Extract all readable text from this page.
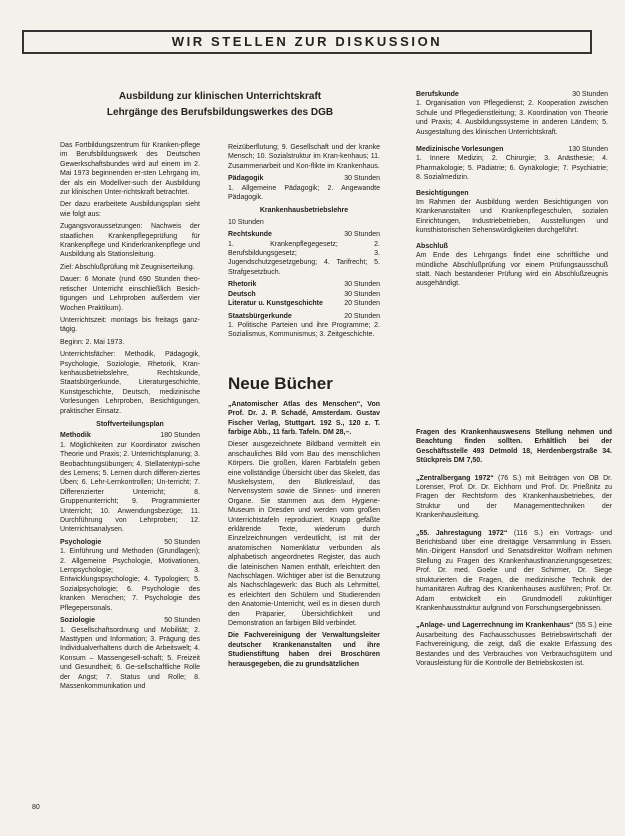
WIR STELLEN ZUR DISKUSSION

Ausbildung zur klinischen Unterrichtskraft

Lehrgänge des Berufsbildungswerkes des DGB

Das Fortbildungszentrum für Kranken-pflege im Berufsbildungswerk des Deutschen Gewerkschaftsbundes wird auf einem im 2. Mai 1973 beginnenden er-sten Lehrgang im, der als ein Modellver-such der Ausbildung zur klinischen Unter-richtskraft betrachtet.

Der dazu erarbeitete Ausbildungsplan sieht wie folgt aus:

Zugangsvoraussetzungen: Nachweis der staatlichen Krankenpflegeprüfung für Krankenpflege und Kinderkrankenpflege und Ausbildung als Stationsleitung.

Ziel: Abschlußprüfung mit Zeugniserteilung.

Dauer: 6 Monate (rund 690 Stunden theo-retischer Unterricht einschließlich Besich-tigungen und Lehrproben außerdem vier Wochen Praktikum).

Unterrichtszeit: montags bis freitags ganz-tägig.

Beginn: 2. Mai 1973.

Unterrichtsfächer: Methodik, Pädagogik, Psychologie, Soziologie, Rhetorik, Kran-kenhausbetriebslehre, Rechtskunde, Staatsbürgerkunde, Literaturgeschichte, Kunstgeschichte, Deutsch, medizinische Vorlesungen Lehrproben, Besichtigungen, praktischer Einsatz.

Stoffverteilungsplan
Methodik	180 Stunden

1. Möglichkeiten zur Koordinator zwischen Theorie und Praxis; 2. Unterrichtsplanung; 3. Beobachtungsübungen; 4. Stellatentypi-sche des Lernens; 5. Lernen durch differen-ziertes Üben; 6. Lehr-Lernkontrollen; Un-terricht; 7. Differenzierter Unterricht; 8. Gruppenunterricht; 9. Programmierter Unterricht; 10. Anwendungsbezüge; 11. Durchführung von Lehrproben; 12. Unterrichtsanalysen.

Psychologie	50 Stunden

1. Einführung und Methoden (Grundlagen); 2. Allgemeine Psychologie, Motivationen, Lernpsychologie; 3. Entwicklungspsychologie; 4. Typologien; 5. Sozialpsychologie; 6. Psychologie des kranken Menschen; 7. Psychologie des Pflegepersonals.

Soziologie	50 Stunden

1. Gesellschaftsordnung und Mobilität; 2. Masttypen und Information; 3. Prägung des Individualverhaltens durch die Arbeitswelt; 4. Konsum – Massengesell-schaft; 5. Freizeit und Gesundheit; 6. Ge-sellschaftliche Rolle der Angst; 7. Status und Rolle; 8. Massenkommunikation und

Reizüberflutung; 9. Gesellschaft und der kranke Mensch; 10. Sozialstruktur im Kran-kenhaus; 11. Zusammenarbeit und Kon-flikte im Krankenhaus.

Pädagogik	30 Stunden

1. Allgemeine Pädagogik; 2. Angewandte Pädagogik.

Krankenhausbetriebslehre

10 Stunden

Rechtskunde	30 Stunden

1. Krankenpflegegesetz; 2. Berufsbildungsgesetz; 3. Jugendschutzgesetzgebung; 4. Tarifrecht; 5. Strafgesetzbuch.

Rhetorik	30 Stunden
Deutsch	30 Stunden
Literatur u. Kunstgeschichte	20 Stunden
Staatsbürgerkunde	20 Stunden

1. Politische Parteien und ihre Programme; 2. Sozialismus, Kommunismus; 3. Zeitgeschichte.

Neue Bücher

„Anatomischer Atlas des Menschen“, Von Prof. Dr. J. P. Schadé, Amsterdam. Gustav Fischer Verlag, Stuttgart. 192 S., 120 z. T. farbige Abb., 11 farb. Tafeln. DM 28,–.

Dieser ausgezeichnete Bildband vermittelt ein anschauliches Bild vom Bau des menschlichen Körpers. Die großen, klaren Farbtafeln geben eine vollständige Übersicht über das Skelett, das Muskelsystem, den Blutkreislauf, das Nervensystem sowie die Sinnes- und inneren Organe. Sie stammen aus dem Hygiene-Museum in Dresden und werden vom großen Unterrichtstafeln reproduziert. Knapp gefaßte erklärende Texte, wiederum durch Einzelzeichnungen verdeutlicht, ist mit der anatomischen Nomenklatur verbunden als alphabetisch angeordnetes Register, das auch die lateinischen Namen enthält, erleichtert den Nachschlagen. Wichtiger aber ist die Benutzung als Nachschlagewerk: das Buch als Lehrmittel, es erleichtert den Schülern und Studierenden den Anatomie-Unterricht, weil es in diesen durch den Präparier, Übersichtlichkeit und Demonstration an farbigen Bild verbindet.

Die Fachvereinigung der Verwaltungsleiter deutscher Krankenanstalten und ihre Studienstiftung haben drei Broschüren herausgegeben, die zu grundsätzlichen

Berufskunde	30 Stunden

1. Organisation von Pflegedienst; 2. Kooperation zwischen Schule und Pflegedienstleitung; 3. Koordination von Theorie und Praxis; 4. Ausbildungssysteme in anderen Ländern; 5. Ausgestaltung des klinischen Unterrichtskraft.

Medizinische Vorlesungen	130 Stunden

1. Innere Medizin; 2. Chirurgie; 3. Anästhesie; 4. Pharmakologie; 5. Pädiatrie; 6. Gynäkologie; 7. Psychiatrie; 8. Sozialmedizin.

Besichtigungen

Im Rahmen der Ausbildung werden Besichtigungen von Krankenanstalten und Krankenpflegeschulen, sozialen Einrichtungen, Industriebetrieben, Ausstellungen und kunsthistorischen Sehenswürdigkeiten durchgeführt.

Abschluß

Am Ende des Lehrgangs findet eine schriftliche und mündliche Abschlußprüfung vor einem Prüfungsausschuß statt. Nach bestandener Prüfung wird ein Abschlußzeugnis ausgehändigt.

Fragen des Krankenhauswesens Stellung nehmen und Beachtung finden sollten. Erhältlich bei der Geschäftsstelle 493 Detmold 18, Herdenbergstraße 34. Stückpreis DM 7,50.

„Zentralbergang 1972“ (76 S.) mit Beiträgen von OB Dr. Lorenser, Prof. Dr. Dr. Eichhorn und Prof. Dr. Prießnitz zu Fragen der Rechtsform des Krankenhausbetriebes, der Struktur und der Managementtechniken der Krankenhausleitung.

„55. Jahrestagung 1972“ (116 S.) ein Vortrags- und Berichtsband über eine dreitägige Versammlung in Essen. Min.-Dirigent Hansdorf und Senatsdirektor Wolfram nehmen Stellung zu Fragen des Krankenhausfinanzierungsgesetzes; Prof. Dr. med. Goeke und der Schirmer, Dr. Siege strukturierten die Fragen, die medizinische Technik der humanitären Auftrag des Krankenhauses ausführen; Prof. Dr. Adam entwickelt ein Grundmodell zukünftiger Krankenhausstruktur aufgrund von Forschungsergebnissen.

„Anlage- und Lagerrechnung im Krankenhaus“ (55 S.) eine Ausarbeitung des Fachausschusses Betriebswirtschaft der Fachvereinigung, die zeigt, daß die exakte Erfassung des Bestandes und des Verbrauches von Verbrauchsgütern und Vorausleistung für die Kontrolle der Betriebskosten ist.

80
